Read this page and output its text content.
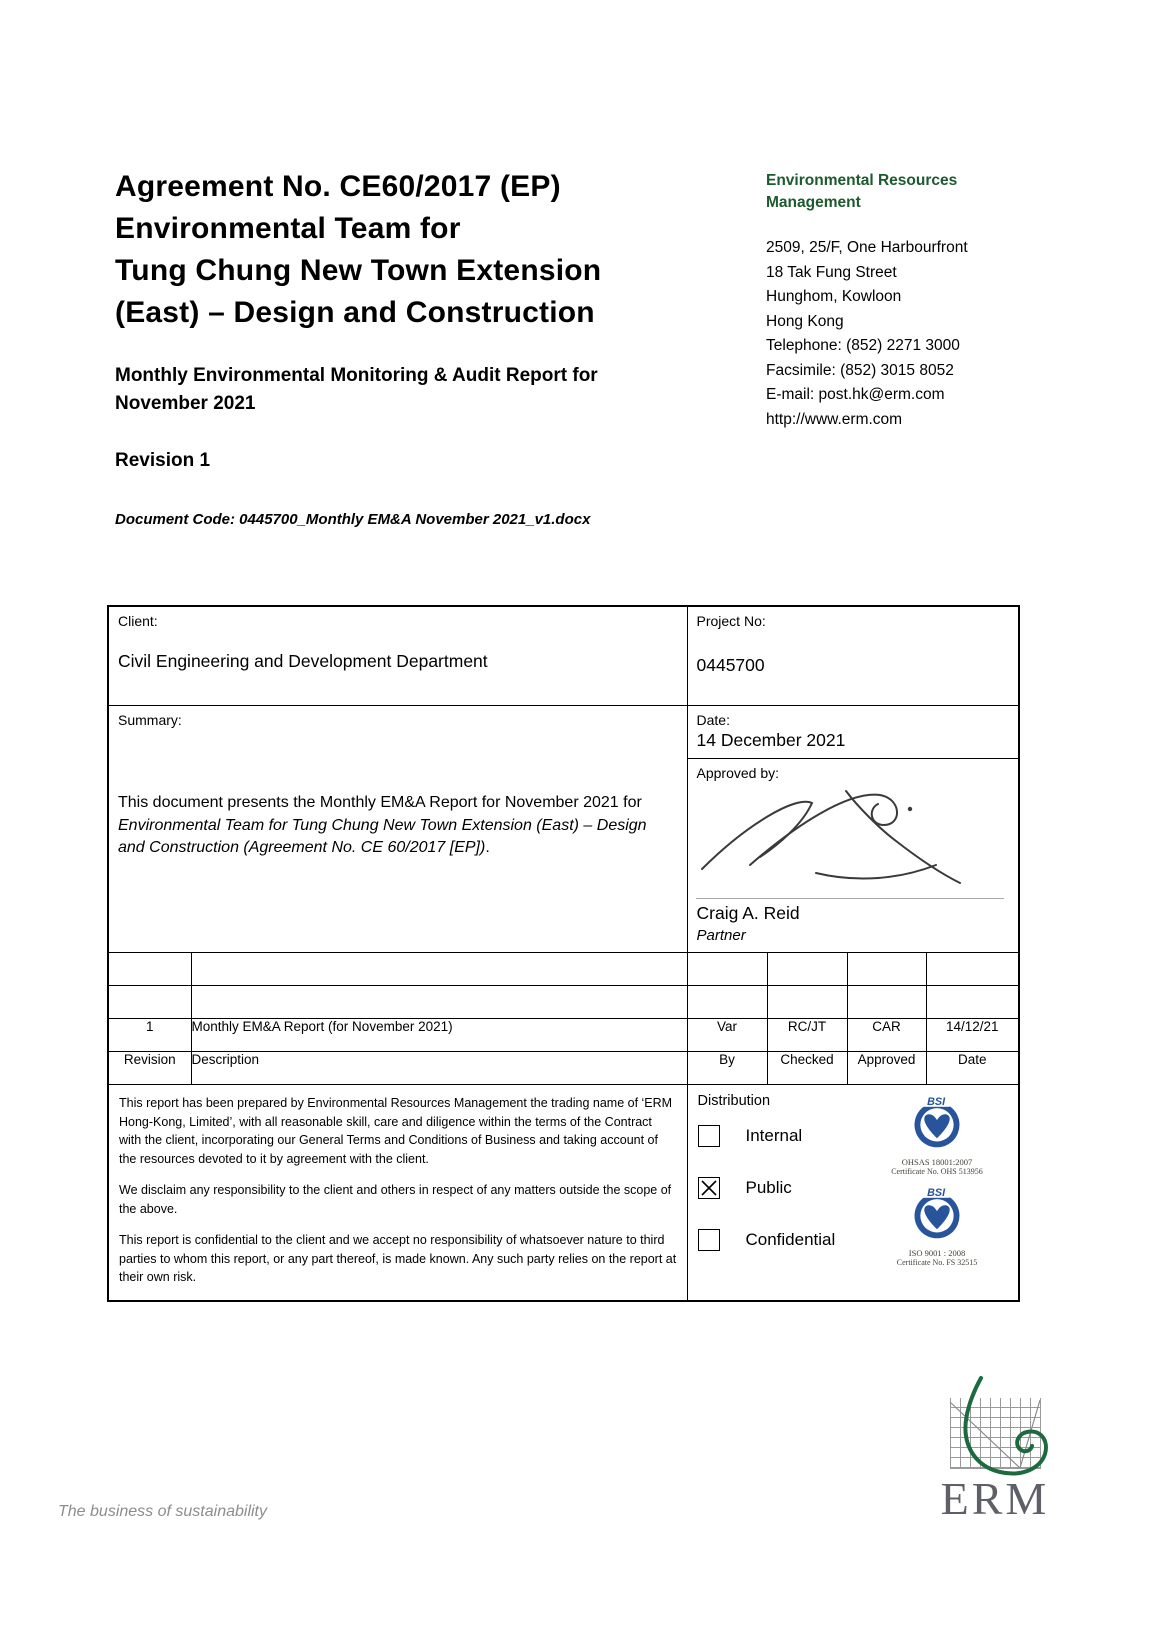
Agreement No. CE60/2017 (EP)
Environmental Team for
Tung Chung New Town Extension
(East) – Design and Construction
Monthly Environmental Monitoring & Audit Report for November 2021
Revision 1
Document Code: 0445700_Monthly EM&A November 2021_v1.docx
Environmental Resources Management
2509, 25/F, One Harbourfront
18 Tak Fung Street
Hunghom, Kowloon
Hong Kong
Telephone: (852) 2271 3000
Facsimile: (852) 3015 8052
E-mail: post.hk@erm.com
http://www.erm.com
Client:
Civil Engineering and Development Department

Project No:
0445700

Summary:

This document presents the Monthly EM&A Report for November 2021 for Environmental Team for Tung Chung New Town Extension (East) – Design and Construction (Agreement No. CE 60/2017 [EP]).

Date:
14 December 2021

		Approved by:
Craig A. Reid
Partner			

1	Monthly EM&A Report (for November 2021)	Var	RC/JT	CAR	14/12/21
Revision	Description	By	Checked	Approved	Date

This report has been prepared by Environmental Resources Management the trading name of ‘ERM Hong-Kong, Limited’, with all reasonable skill, care and diligence within the terms of the Contract with the client, incorporating our General Terms and Conditions of Business and taking account of the resources devoted to it by agreement with the client.

We disclaim any responsibility to the client and others in respect of any matters outside the scope of the above.

This report is confidential to the client and we accept no responsibility of whatsoever nature to third parties to whom this report, or any part thereof, is made known. Any such party relies on the report at their own risk.

Distribution
Internal
Public
Confidential
BSI
OHSAS 18001:2007
Certificate No. OHS 513956
BSI
ISO 9001 : 2008
Certificate No. FS 32515
ERM
The business of sustainability
